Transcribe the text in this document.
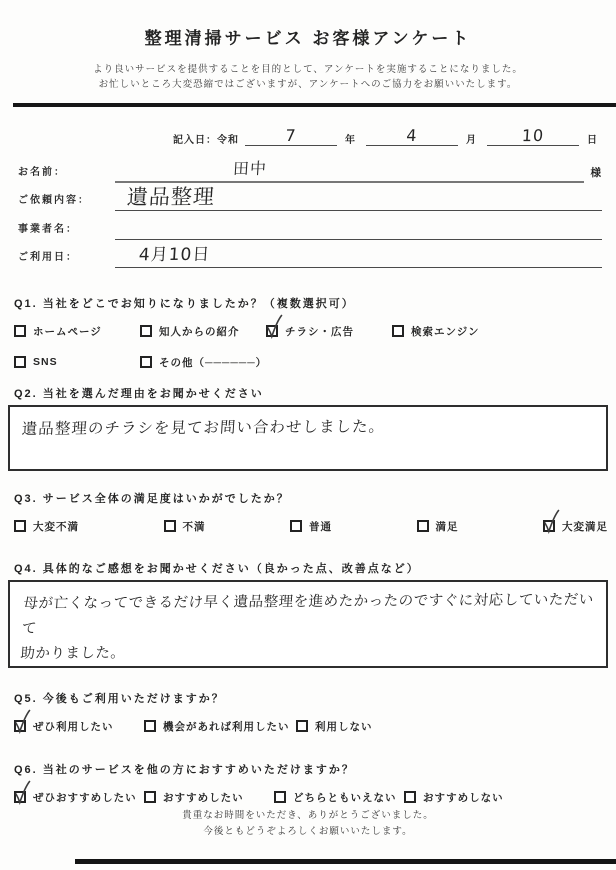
整理清掃サービス お客様アンケート
より良いサービスを提供することを目的として、アンケートを実施することになりました。
お忙しいところ大変恐縮ではございますが、アンケートへのご協力をお願いいたします。
記入日：令和	7	年	4	月	10	日
お名前：	田中	様
ご依頼内容：	遺品整理
事業者名：
ご利用日：	4月10日
Q1. 当社をどこでお知りになりましたか？（複数選択可）
ホームページ	知人からの紹介	チラシ・広告	検索エンジン
SNS	その他（──────）
Q2. 当社を選んだ理由をお聞かせください
遺品整理のチラシを見てお問い合わせしました。
Q3. サービス全体の満足度はいかがでしたか？
大変不満	不満	普通	満足	大変満足
Q4. 具体的なご感想をお聞かせください（良かった点、改善点など）
母が亡くなってできるだけ早く遺品整理を進めたかったのですぐに対応していただいて
助かりました。
Q5. 今後もご利用いただけますか？
ぜひ利用したい	機会があれば利用したい 利用しない
Q6. 当社のサービスを他の方におすすめいただけますか？
ぜひおすすめしたい	おすすめしたい	どちらともいえない	おすすめしない
貴重なお時間をいただき、ありがとうございました。
今後ともどうぞよろしくお願いいたします。
